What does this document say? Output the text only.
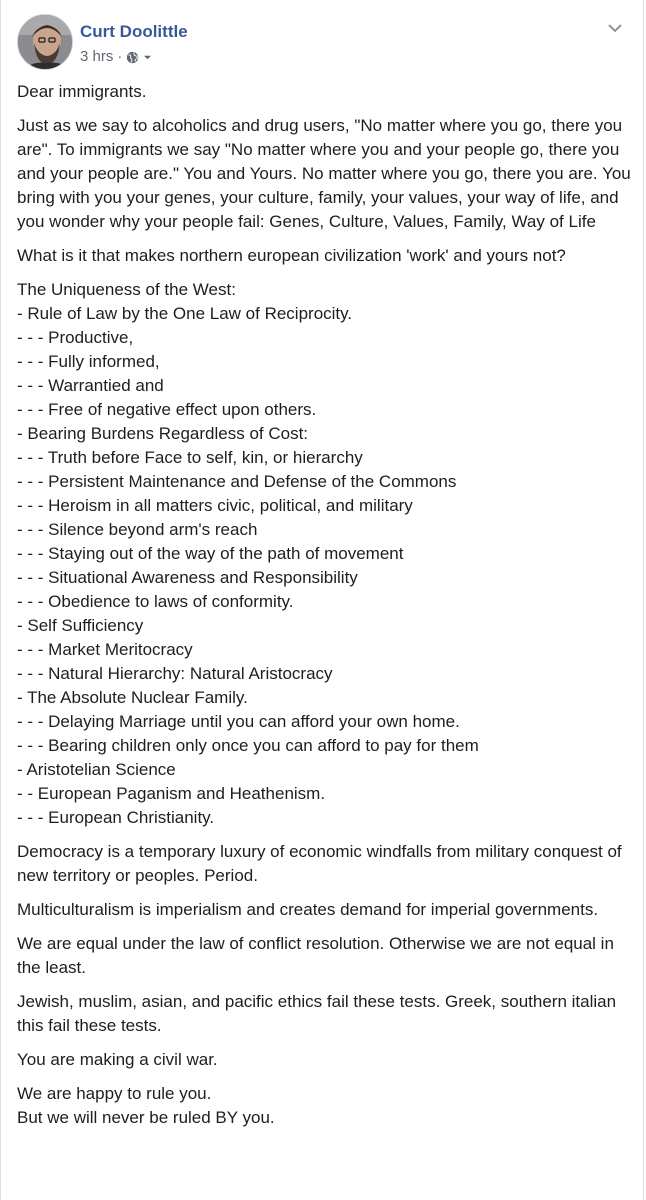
Curt Doolittle
3 hrs ·

Dear immigrants.

Just as we say to alcoholics and drug users, "No matter where you go, there you are". To immigrants we say "No matter where you and your people go, there you and your people are." You and Yours. No matter where you go, there you are. You bring with you your genes, your culture, family, your values, your way of life, and you wonder why your people fail: Genes, Culture, Values, Family, Way of Life

What is it that makes northern european civilization 'work' and yours not?

The Uniqueness of the West:
- Rule of Law by the One Law of Reciprocity.
- - - Productive,
- - - Fully informed,
- - - Warrantied and
- - - Free of negative effect upon others.
- Bearing Burdens Regardless of Cost:
- - - Truth before Face to self, kin, or hierarchy
- - - Persistent Maintenance and Defense of the Commons
- - - Heroism in all matters civic, political, and military
- - - Silence beyond arm's reach
- - - Staying out of the way of the path of movement
- - - Situational Awareness and Responsibility
- - - Obedience to laws of conformity.
- Self Sufficiency
- - - Market Meritocracy
- - - Natural Hierarchy: Natural Aristocracy
- The Absolute Nuclear Family.
- - - Delaying Marriage until you can afford your own home.
- - - Bearing children only once you can afford to pay for them
- Aristotelian Science
- - European Paganism and Heathenism.
- - - European Christianity.

Democracy is a temporary luxury of economic windfalls from military conquest of new territory or peoples. Period.

Multiculturalism is imperialism and creates demand for imperial governments.

We are equal under the law of conflict resolution. Otherwise we are not equal in the least.

Jewish, muslim, asian, and pacific ethics fail these tests. Greek, southern italian this fail these tests.

You are making a civil war.

We are happy to rule you.
But we will never be ruled BY you.
